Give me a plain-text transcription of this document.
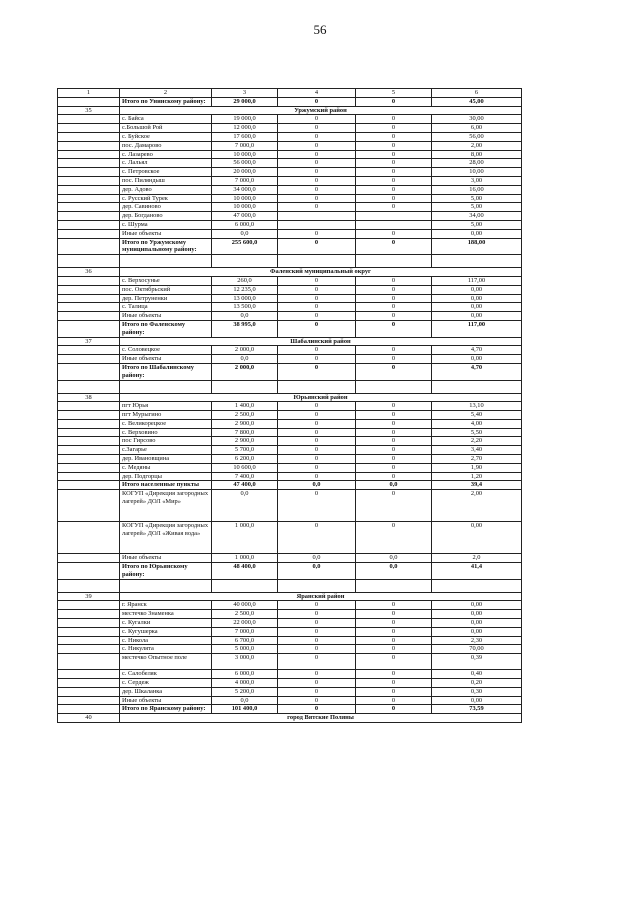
56
1	2	3	4	5	6
	Итого по Унинскому району:	29 000,0	0	0	45,00
35	Уржумский район				
	с. Байса	19 000,0	0	0	30,00
	с.Большой Рой	12 000,0	0	0	6,00
	с. Буйское	17 600,0	0	0	56,00
	пос. Дамарово	7 000,0	0	0	2,00
	с. Лазарево	10 000,0	0	0	8,00
	с. Лальял	56 000,0	0	0	28,00
	с. Петровское	20 000,0	0	0	10,00
	пос. Пиляндыш	7 000,0	0	0	3,00
	дер. Адово	34 000,0	0	0	16,00
	с. Русский Турек	10 000,0	0	0	5,00
	дер. Савиново	10 000,0	0	0	5,00
	дер. Богданово	47 000,0			34,00
	с. Шурма	6 000,0			5,00
	Иные объекты	0,0	0	0	0,00
	Итого по Уржумскому муниципальному району:	255 600,0	0	0	188,00

36	Фаленский муниципальный округ				
	с. Верхосунье	260,0	0	0	117,00
	пос. Октябрьский	12 235,0	0	0	0,00
	дер. Петруненки	13 000,0	0	0	0,00
	с. Талица	13 500,0	0	0	0,00
	Иные объекты	0,0	0	0	0,00
	Итого по Фаленскому району:	38 995,0	0	0	117,00
37	Шабалинский район				
	с. Соловецкое	2 000,0	0	0	4,70
	Иные объекты	0,0	0	0	0,00
	Итого по Шабалинскому району:	2 000,0	0	0	4,70

38	Юрьянский район				
	пгт Юрья	1 400,0	0	0	13,10
	пгт Мурыгино	2 500,0	0	0	5,40
	с. Великорецкое	2 900,0	0	0	4,00
	с. Верховино	7 800,0	0	0	5,50
	пос Гирсово	2 900,0	0	0	2,20
	с.Загарье	5 700,0	0	0	3,40
	дер. Ивановщина	6 200,0	0	0	2,70
	с. Медяны	10 600,0	0	0	1,90
	дер. Подгорцы	7 400,0	0	0	1,20
	Итого населенные пункты	47 400,0	0,0	0,0	39,4
	КОГУП «Дирекция загородных лагерей» ДОЛ «Мир»	0,0	0	0	2,00
	КОГУП «Дирекция загородных лагерей» ДОЛ «Живая вода»	1 000,0	0	0	0,00
	Иные объекты	1 000,0	0,0	0,0	2,0
	Итого по Юрьянскому району:	48 400,0	0,0	0,0	41,4

39	Яранский район				
	г. Яранск	40 000,0	0	0	0,00
	местечко Знаменка	2 500,0	0	0	0,00
	с. Кугалки	22 000,0	0	0	0,00
	с. Кугушерка	7 000,0	0	0	0,00
	с. Никола	6 700,0	0	0	2,30
	с. Никулята	5 000,0	0	0	70,00
	местечко Опытное поле	3 000,0	0	0	0,39
	с. Салобеляк	6 000,0	0	0	0,40
	с. Сердеж	4 000,0	0	0	0,20
	дер. Шкаланка	5 200,0	0	0	0,30
	Иные объекты	0,0	0	0	0,00
	Итого по Яранскому району:	101 400,0	0	0	73,59
40	город Вятские Поляны				
